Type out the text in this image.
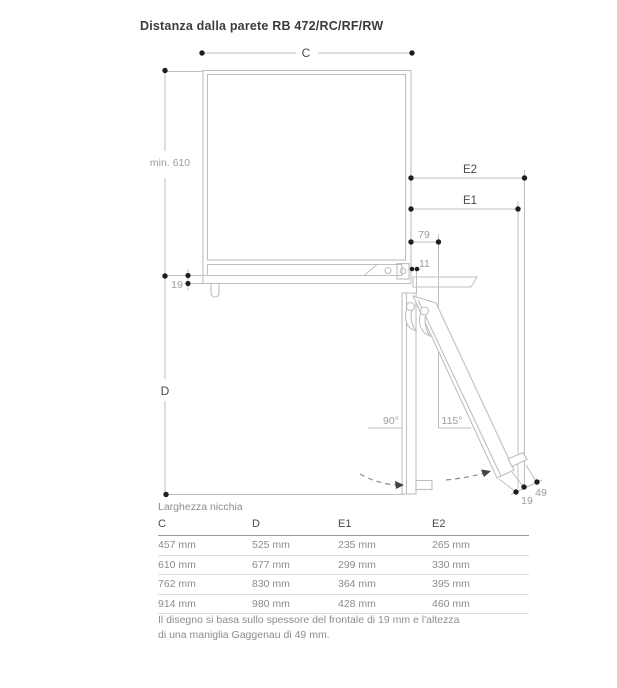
Distanza dalla parete RB 472/RC/RF/RW
C
min. 610
D
E2
E1
79
11
19
90°	115°
19
49
Larghezza nicchia
C	D	E1	E2
457 mm	525 mm	235 mm	265 mm
610 mm	677 mm	299 mm	330 mm
762 mm	830 mm	364 mm	395 mm
914 mm	980 mm	428 mm	460 mm
Il disegno si basa sullo spessore del frontale di 19 mm e l'altezza
di una maniglia Gaggenau di 49 mm.
